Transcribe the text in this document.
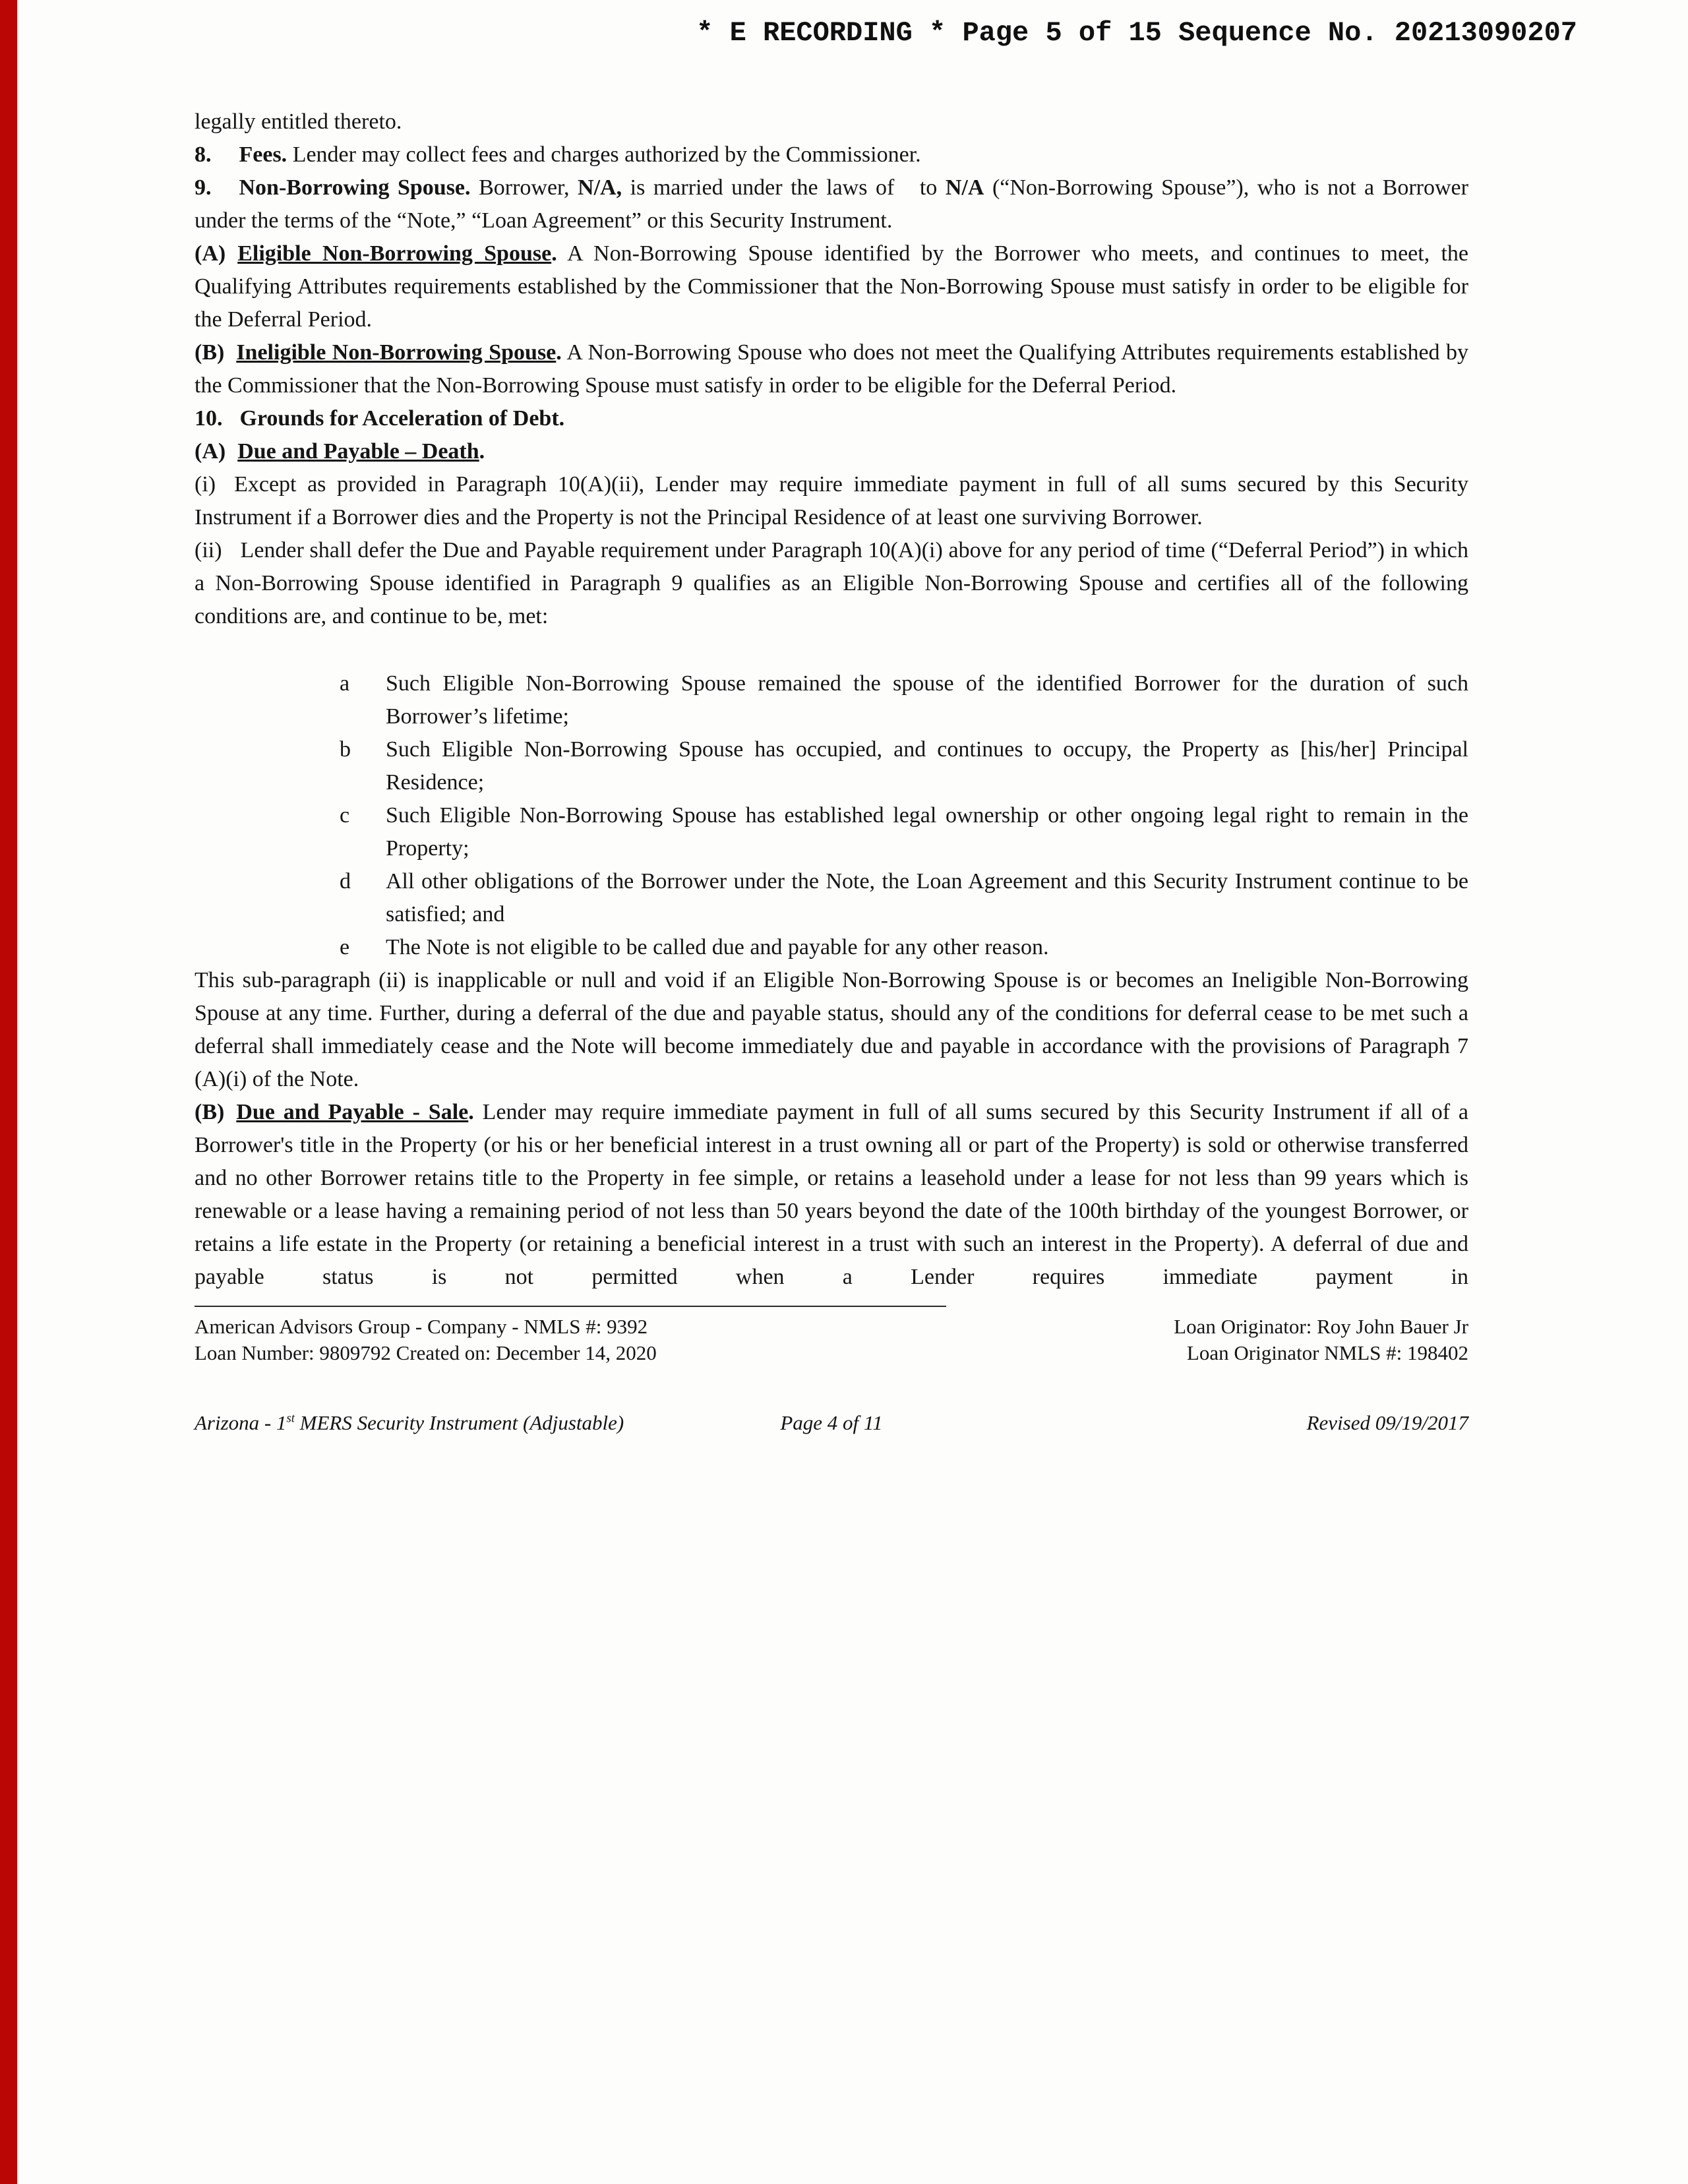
* E RECORDING * Page 5 of 15 Sequence No. 20213090207

legally entitled thereto.

8. Fees. Lender may collect fees and charges authorized by the Commissioner.

9. Non-Borrowing Spouse. Borrower, N/A, is married under the laws of to N/A (“Non-Borrowing Spouse”), who is not a Borrower under the terms of the “Note,” “Loan Agreement” or this Security Instrument.

(A) Eligible Non-Borrowing Spouse. A Non-Borrowing Spouse identified by the Borrower who meets, and continues to meet, the Qualifying Attributes requirements established by the Commissioner that the Non-Borrowing Spouse must satisfy in order to be eligible for the Deferral Period.

(B) Ineligible Non-Borrowing Spouse. A Non-Borrowing Spouse who does not meet the Qualifying Attributes requirements established by the Commissioner that the Non-Borrowing Spouse must satisfy in order to be eligible for the Deferral Period.

10. Grounds for Acceleration of Debt.

(A) Due and Payable – Death.

(i) Except as provided in Paragraph 10(A)(ii), Lender may require immediate payment in full of all sums secured by this Security Instrument if a Borrower dies and the Property is not the Principal Residence of at least one surviving Borrower.

(ii) Lender shall defer the Due and Payable requirement under Paragraph 10(A)(i) above for any period of time (“Deferral Period”) in which a Non-Borrowing Spouse identified in Paragraph 9 qualifies as an Eligible Non-Borrowing Spouse and certifies all of the following conditions are, and continue to be, met:

a	Such Eligible Non-Borrowing Spouse remained the spouse of the identified Borrower for the duration of such Borrower’s lifetime;
b	Such Eligible Non-Borrowing Spouse has occupied, and continues to occupy, the Property as [his/her] Principal Residence;
c	Such Eligible Non-Borrowing Spouse has established legal ownership or other ongoing legal right to remain in the Property;
d	All other obligations of the Borrower under the Note, the Loan Agreement and this Security Instrument continue to be satisfied; and
e	The Note is not eligible to be called due and payable for any other reason.

This sub-paragraph (ii) is inapplicable or null and void if an Eligible Non-Borrowing Spouse is or becomes an Ineligible Non-Borrowing Spouse at any time. Further, during a deferral of the due and payable status, should any of the conditions for deferral cease to be met such a deferral shall immediately cease and the Note will become immediately due and payable in accordance with the provisions of Paragraph 7 (A)(i) of the Note.

(B) Due and Payable - Sale. Lender may require immediate payment in full of all sums secured by this Security Instrument if all of a Borrower's title in the Property (or his or her beneficial interest in a trust owning all or part of the Property) is sold or otherwise transferred and no other Borrower retains title to the Property in fee simple, or retains a leasehold under a lease for not less than 99 years which is renewable or a lease having a remaining period of not less than 50 years beyond the date of the 100th birthday of the youngest Borrower, or retains a life estate in the Property (or retaining a beneficial interest in a trust with such an interest in the Property). A deferral of due and payable status is not permitted when a Lender requires immediate payment in

American Advisors Group - Company - NMLS #: 9392
Loan Number: 9809792 Created on: December 14, 2020
Loan Originator: Roy John Bauer Jr
Loan Originator NMLS #: 198402
Arizona - 1st MERS Security Instrument (Adjustable)	Page 4 of 11	Revised 09/19/2017
